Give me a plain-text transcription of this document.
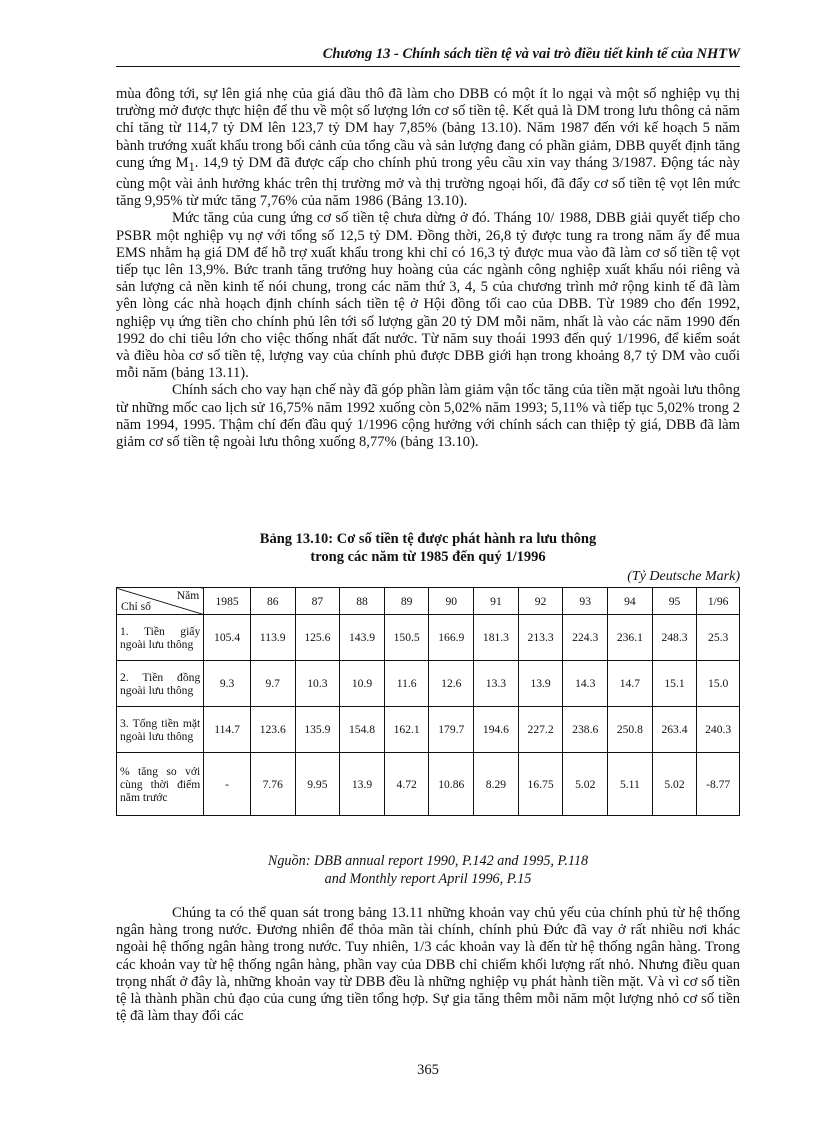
Chương 13 - Chính sách tiền tệ và vai trò điều tiết kinh tế của NHTW

mùa đông tới, sự lên giá nhẹ của giá dầu thô đã làm cho DBB có một ít lo ngại và một số nghiệp vụ thị trường mở được thực hiện để thu về một số lượng lớn cơ số tiền tệ. Kết quả là DM trong lưu thông cả năm chỉ tăng từ 114,7 tỷ DM lên 123,7 tỷ DM hay 7,85% (bảng 13.10). Năm 1987 đến với kế hoạch 5 năm bành trướng xuất khẩu trong bối cảnh của tổng cầu và sản lượng đang có phần giảm, DBB quyết định tăng cung ứng $M_1$. 14,9 tỷ DM đã được cấp cho chính phủ trong yêu cầu xin vay tháng 3/1987. Động tác này cùng một vài ảnh hưởng khác trên thị trường mở và thị trường ngoại hối, đã đẩy cơ số tiền tệ vọt lên mức tăng 9,95% từ mức tăng 7,76% của năm 1986 (Bảng 13.10).

Mức tăng của cung ứng cơ số tiền tệ chưa dừng ở đó. Tháng 10/ 1988, DBB giải quyết tiếp cho PSBR một nghiệp vụ nợ với tổng số 12,5 tỷ DM. Đồng thời, 26,8 tỷ được tung ra trong năm ấy để mua EMS nhằm hạ giá DM để hỗ trợ xuất khẩu trong khi chỉ có 16,3 tỷ được mua vào đã làm cơ số tiền tệ vọt tiếp tục lên 13,9%. Bức tranh tăng trưởng huy hoàng của các ngành công nghiệp xuất khẩu nói riêng và sản lượng cả nền kinh tế nói chung, trong các năm thứ 3, 4, 5 của chương trình mở rộng kinh tế đã làm yên lòng các nhà hoạch định chính sách tiền tệ ở Hội đồng tối cao của DBB. Từ 1989 cho đến 1992, nghiệp vụ ứng tiền cho chính phủ lên tới số lượng gần 20 tỷ DM mỗi năm, nhất là vào các năm 1990 đến 1992 do chi tiêu lớn cho việc thống nhất đất nước. Từ năm suy thoái 1993 đến quý 1/1996, để kiểm soát và điều hòa cơ số tiền tệ, lượng vay của chính phủ được DBB giới hạn trong khoảng 8,7 tỷ DM vào cuối mỗi năm (bảng 13.11).

Chính sách cho vay hạn chế này đã góp phần làm giảm vận tốc tăng của tiền mặt ngoài lưu thông từ những mốc cao lịch sử 16,75% năm 1992 xuống còn 5,02% năm 1993; 5,11% và tiếp tục 5,02% trong 2 năm 1994, 1995. Thậm chí đến đầu quý 1/1996 cộng hưởng với chính sách can thiệp tỷ giá, DBB đã làm giảm cơ số tiền tệ ngoài lưu thông xuống 8,77% (bảng 13.10).

Bảng 13.10: Cơ số tiền tệ được phát hành ra lưu thông
trong các năm từ 1985 đến quý 1/1996
(Tỷ Deutsche Mark)
Năm
Chỉ số	1985	86	87	88	89	90	91	92	93	94	95	1/96
1. Tiền giấy ngoài lưu thông	105.4	113.9	125.6	143.9	150.5	166.9	181.3	213.3	224.3	236.1	248.3	25.3
2. Tiền đồng ngoài lưu thông	9.3	9.7	10.3	10.9	11.6	12.6	13.3	13.9	14.3	14.7	15.1	15.0
3. Tổng tiền mặt ngoài lưu thông	114.7	123.6	135.9	154.8	162.1	179.7	194.6	227.2	238.6	250.8	263.4	240.3
% tăng so với cùng thời điểm năm trước	-	7.76	9.95	13.9	4.72	10.86	8.29	16.75	5.02	5.11	5.02	-8.77
Nguồn: DBB annual report 1990, P.142 and 1995, P.118
and Monthly report April 1996, P.15

Chúng ta có thể quan sát trong bảng 13.11 những khoản vay chủ yếu của chính phủ từ hệ thống ngân hàng trong nước. Đương nhiên để thỏa mãn tài chính, chính phủ Đức đã vay ở rất nhiều nơi khác ngoài hệ thống ngân hàng trong nước. Tuy nhiên, 1/3 các khoản vay là đến từ hệ thống ngân hàng. Trong các khoản vay từ hệ thống ngân hàng, phần vay của DBB chỉ chiếm khối lượng rất nhỏ. Nhưng điều quan trọng nhất ở đây là, những khoản vay từ DBB đều là những nghiệp vụ phát hành tiền mặt. Và vì cơ số tiền tệ là thành phần chủ đạo của cung ứng tiền tổng hợp. Sự gia tăng thêm mỗi năm một lượng nhỏ cơ số tiền tệ đã làm thay đổi các

365
